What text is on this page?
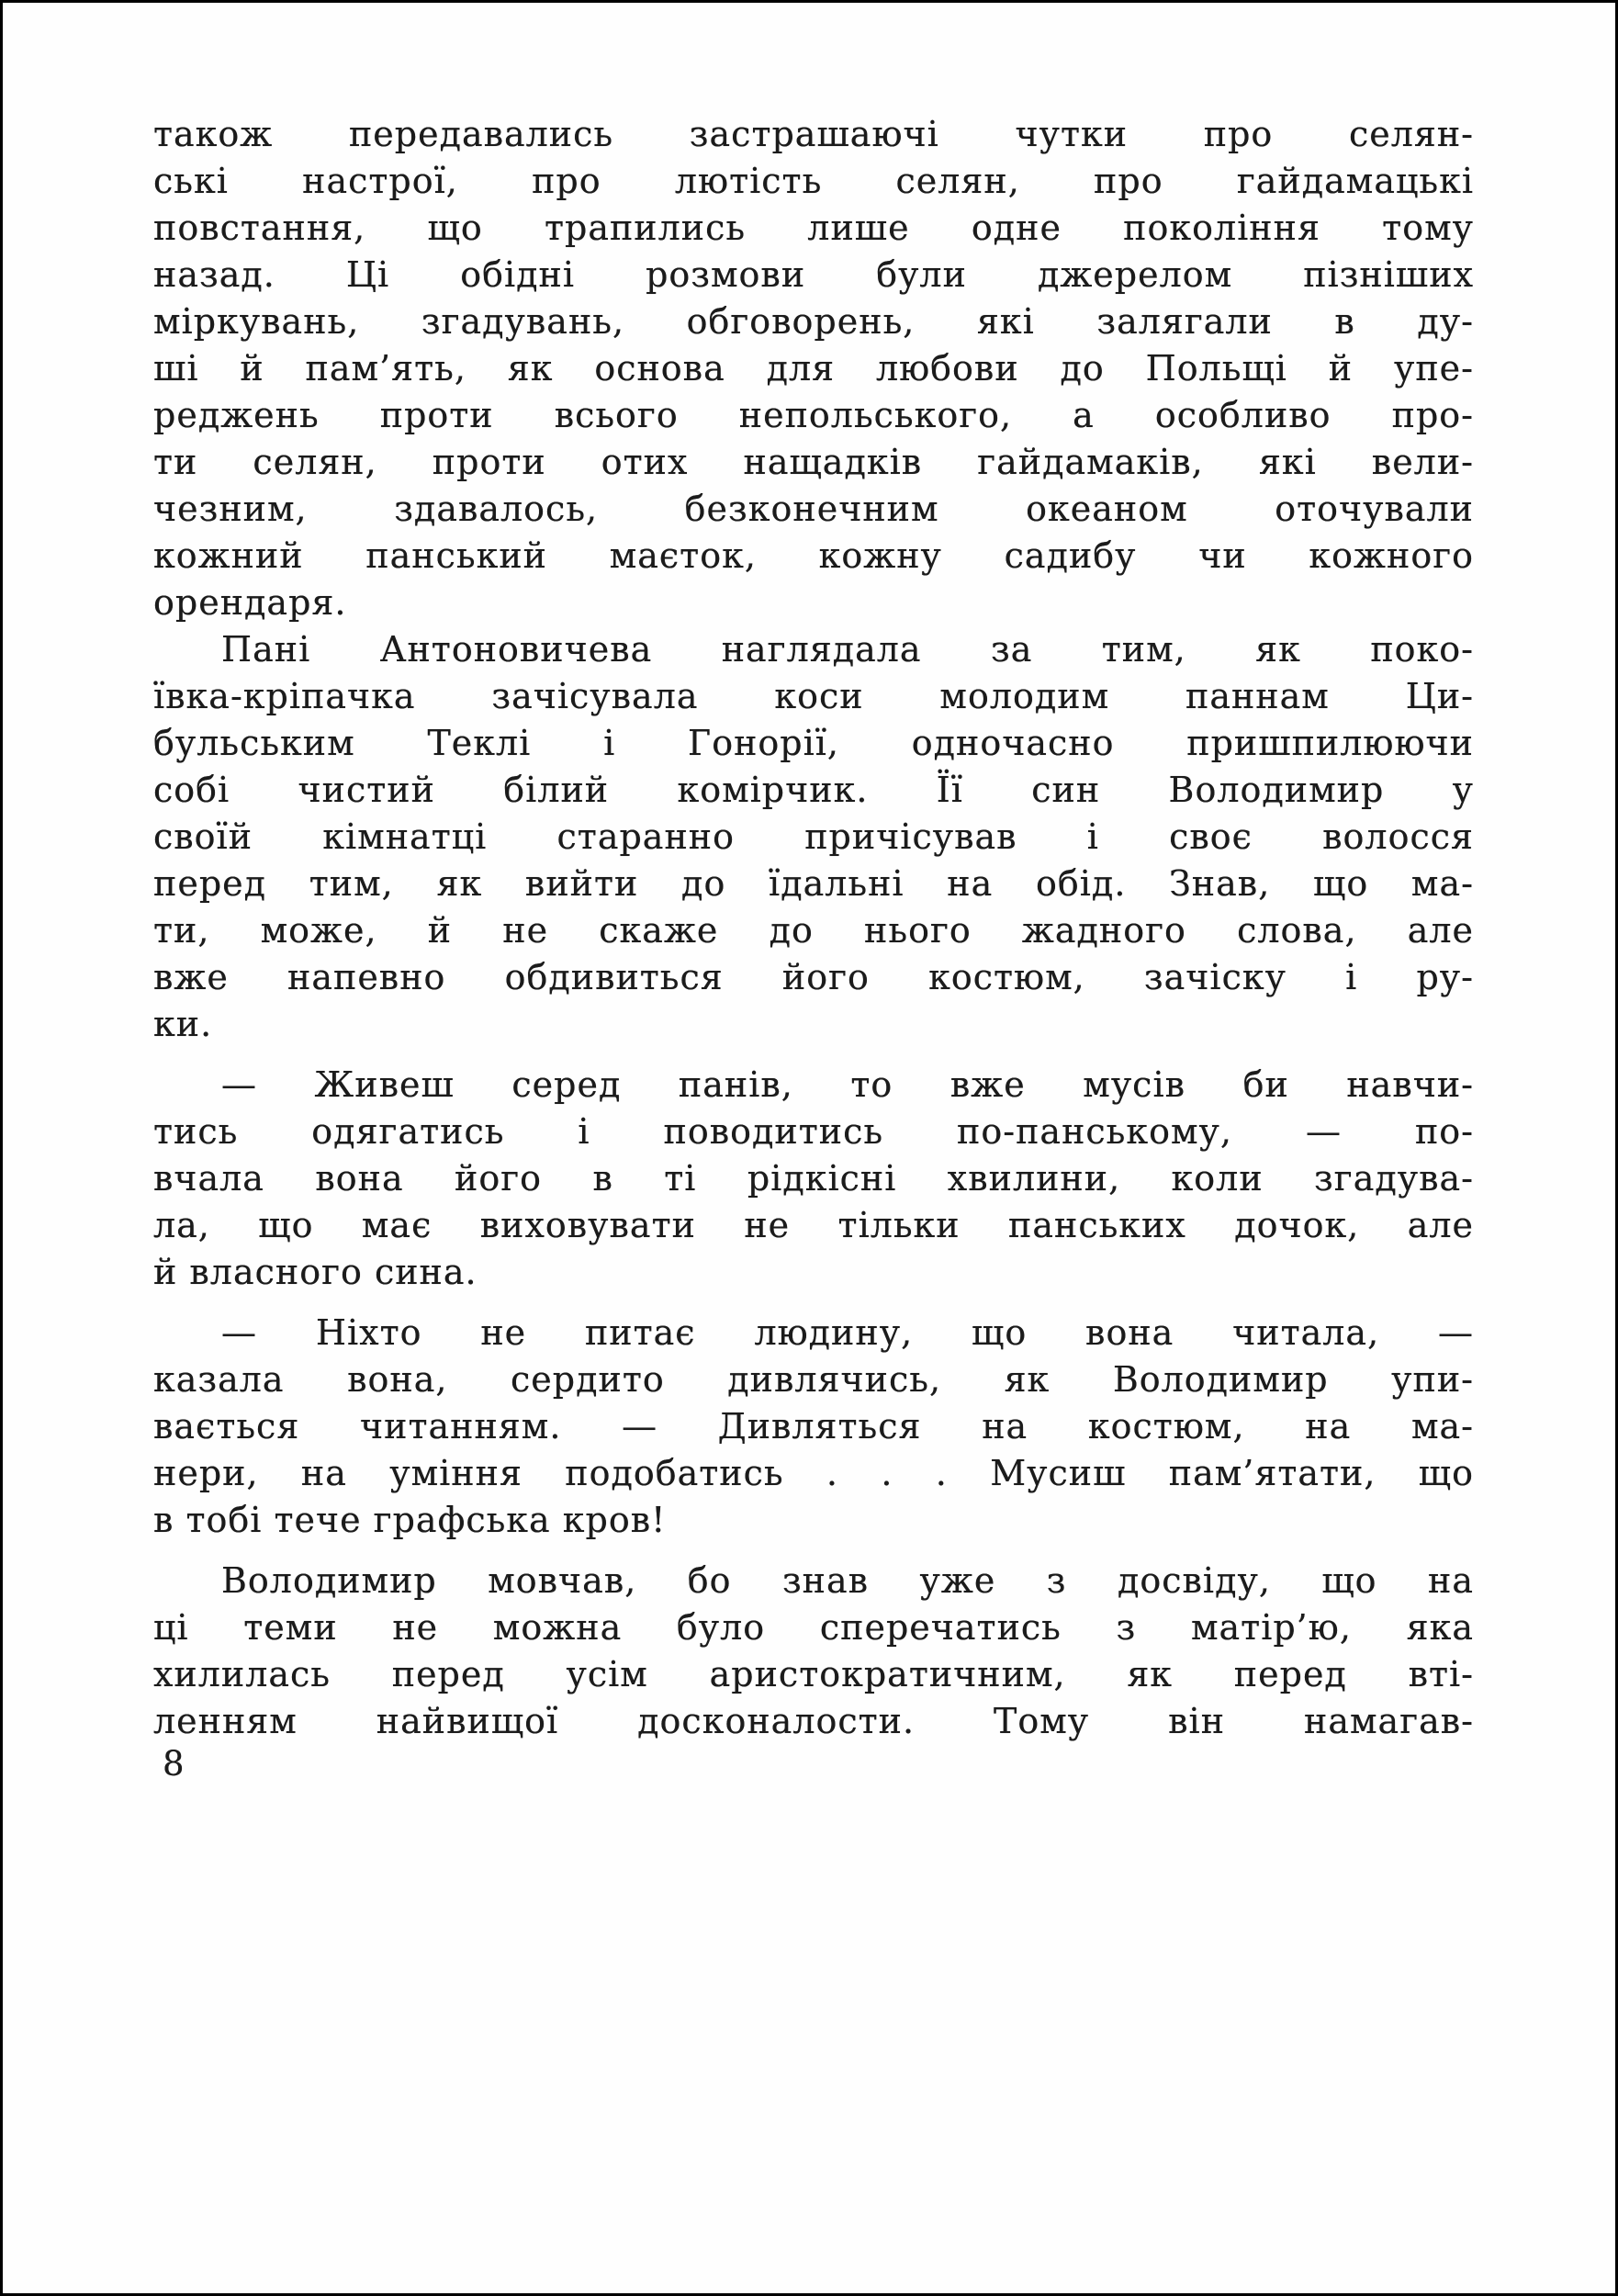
також передавались застрашаючі чутки про селян-
ські настрої, про лютість селян, про гайдамацькі
повстання, що трапились лише одне покоління тому
назад. Ці обідні розмови були джерелом пізніших
міркувань, згадувань, обговорень, які залягали в ду-
ші й пам’ять, як основа для любови до Польщі й упе-
реджень проти всього непольського, а особливо про-
ти селян, проти отих нащадків гайдамаків, які вели-
чезним, здавалось, безконечним океаном оточували
кожний панський маєток, кожну садибу чи кожного
орендаря.
Пані Антоновичева наглядала за тим, як поко-
ївка-кріпачка зачісувала коси молодим паннам Ци-
бульським Теклі і Гонорії, одночасно пришпилюючи
собі чистий білий комірчик. Її син Володимир у
своїй кімнатці старанно причісував і своє волосся
перед тим, як вийти до їдальні на обід. Знав, що ма-
ти, може, й не скаже до нього жадного слова, але
вже напевно обдивиться його костюм, зачіску і ру-
ки.
— Живеш серед панів, то вже мусів би навчи-
тись одягатись і поводитись по-панському, — по-
вчала вона його в ті рідкісні хвилини, коли згадува-
ла, що має виховувати не тільки панських дочок, але
й власного сина.
— Ніхто не питає людину, що вона читала, —
казала вона, сердито дивлячись, як Володимир упи-
вається читанням. — Дивляться на костюм, на ма-
нери, на уміння подобатись . . . Мусиш пам’ятати, що
в тобі тече графська кров!
Володимир мовчав, бо знав уже з досвіду, що на
ці теми не можна було сперечатись з матір’ю, яка
хилилась перед усім аристократичним, як перед вті-
ленням найвищої досконалости. Тому він намагав-
8
